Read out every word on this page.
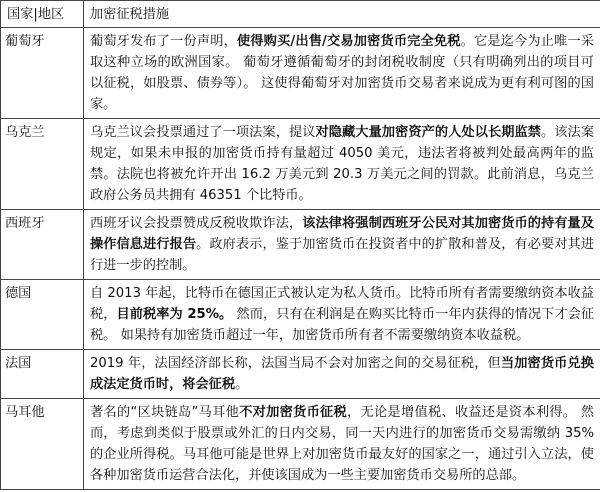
国家|地区	加密征税措施
葡萄牙	葡萄牙发布了一份声明，使得购买/出售/交易加密货币完全免税。它是迄今为止唯一采取这种立场的欧洲国家。 葡萄牙遵循葡萄牙的封闭税收制度（只有明确列出的项目可以征税，如股票、债券等）。 这使得葡萄牙对加密货币交易者来说成为更有利可图的国家。
乌克兰	乌克兰议会投票通过了一项法案，提议对隐藏大量加密资产的人处以长期监禁。该法案规定，如果未申报的加密货币持有量超过 4050 美元，违法者将被判处最高两年的监禁。法院也将被允许开出 16.2 万美元到 20.3 万美元之间的罚款。此前消息，乌克兰政府公务员共拥有 46351 个比特币。
西班牙	西班牙议会投票赞成反税收欺诈法，该法律将强制西班牙公民对其加密货币的持有量及操作信息进行报告。政府表示，鉴于加密货币在投资者中的扩散和普及，有必要对其进行进一步的控制。
德国	自 2013 年起，比特币在德国正式被认定为私人货币。比特币所有者需要缴纳资本收益税，目前税率为 25%。 然而，只有在利润是在购买比特币一年内获得的情况下才会征税。 如果持有加密货币超过一年，加密货币所有者不需要缴纳资本收益税。
法国	2019 年，法国经济部长称，法国当局不会对加密之间的交易征税，但当加密货币兑换成法定货币时，将会征税。
马耳他	著名的“区块链岛”马耳他不对加密货币征税，无论是增值税、收益还是资本利得。 然而，考虑到类似于股票或外汇的日内交易，同一天内进行的加密货币交易需缴纳 35%的企业所得税。马耳他可能是世界上对加密货币最友好的国家之一，通过引入立法，使各种加密货币运营合法化，并使该国成为一些主要加密货币交易所的总部。
